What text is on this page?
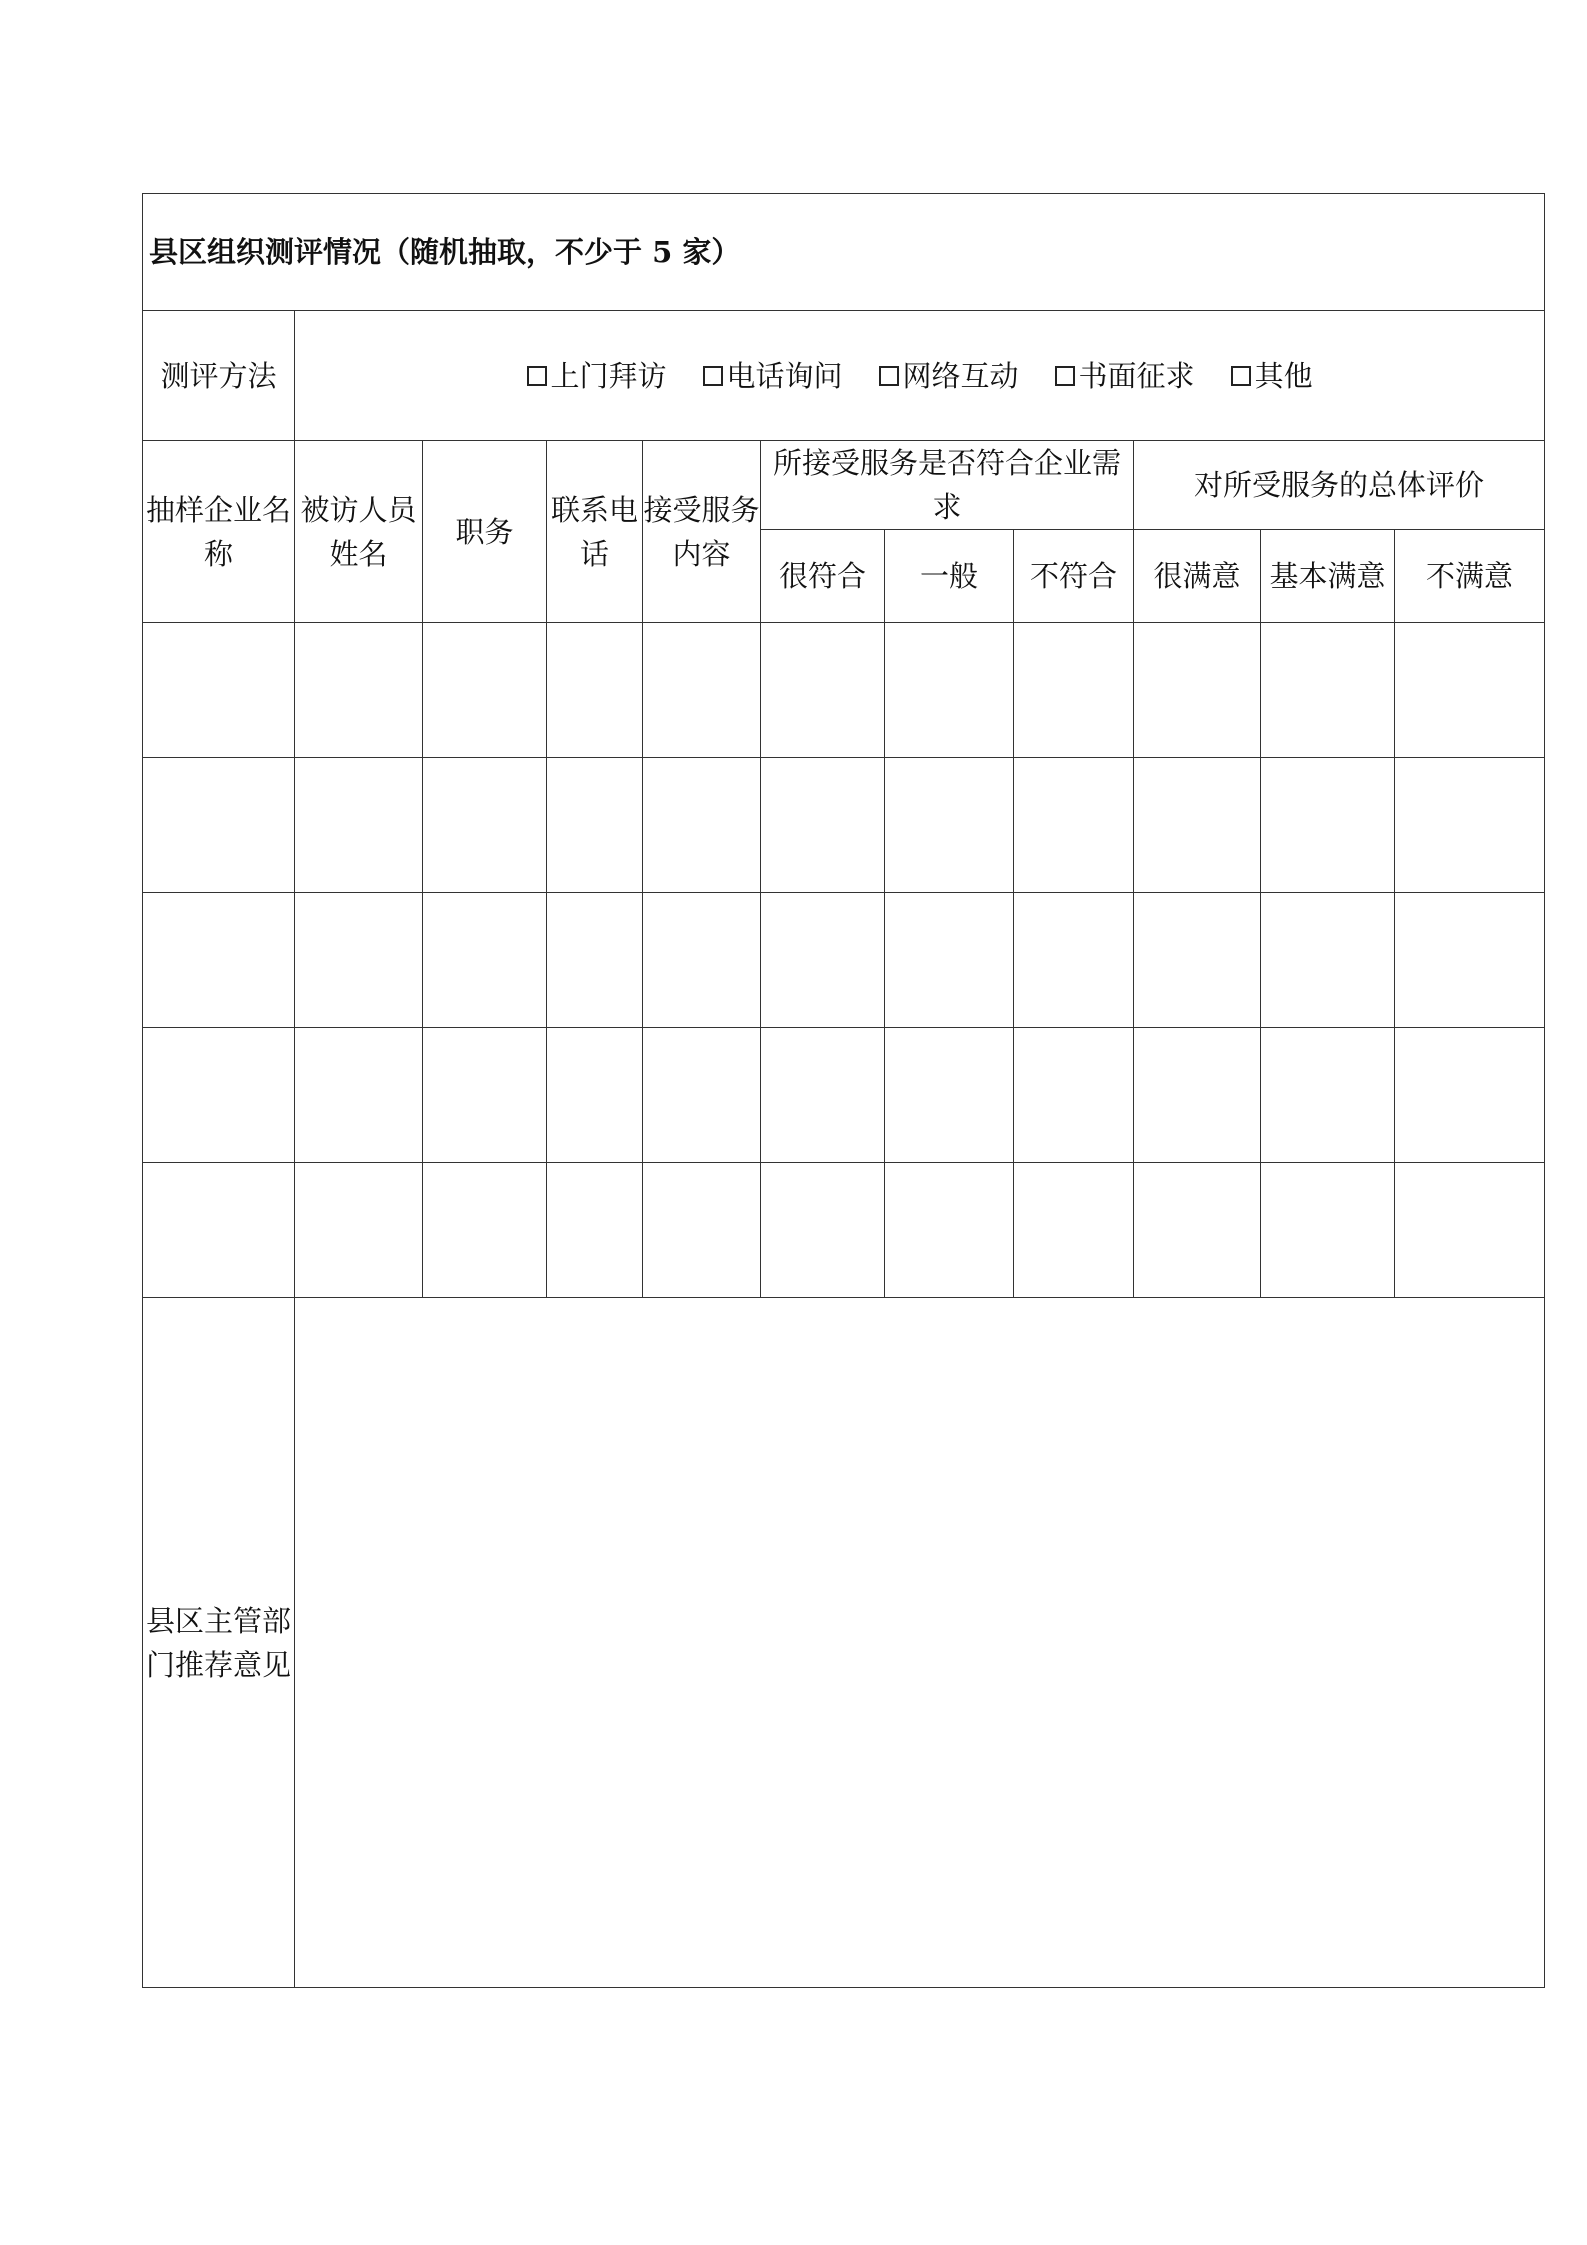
县区组织测评情况（随机抽取，不少于 5 家）										
测评方法	上门拜访 电话询问 网络互动 书面征求 其他									

抽样企业名称	被访人员姓名	职务	联系电话	接受服务内容	所接受服务是否符合企业需求			对所受服务的总体评价		
					很符合	一般	不符合	很满意	基本满意	不满意

县区主管部门推荐意见										
